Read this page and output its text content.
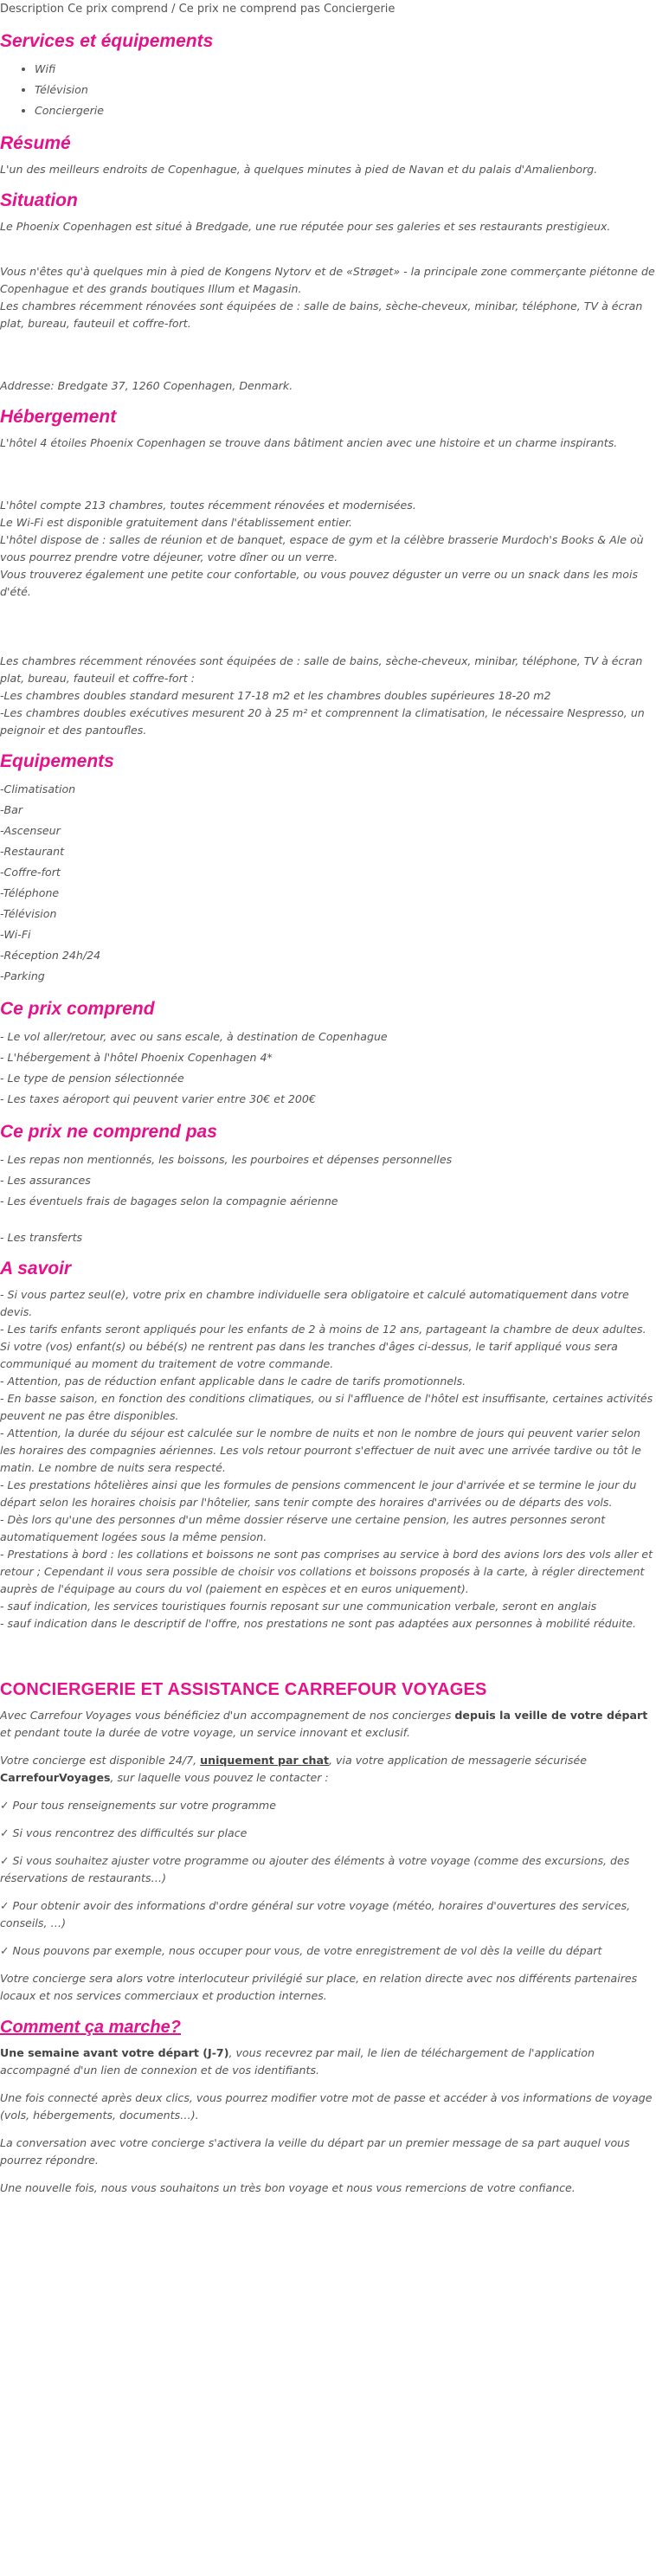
Description Ce prix comprend / Ce prix ne comprend pas Conciergerie
Services et équipements
• Wifi
• Télévision
• Conciergerie
Résumé

L'un des meilleurs endroits de Copenhague, à quelques minutes à pied de Navan et du palais d'Amalienborg.

Situation

Le Phoenix Copenhagen est situé à Bredgade, une rue réputée pour ses galeries et ses restaurants prestigieux.

Vous n'êtes qu'à quelques min à pied de Kongens Nytorv et de «Strøget» - la principale zone commerçante piétonne de Copenhague et des grands boutiques Illum et Magasin.

Les chambres récemment rénovées sont équipées de : salle de bains, sèche-cheveux, minibar, téléphone, TV à écran plat, bureau, fauteuil et coffre-fort.

Addresse: Bredgate 37, 1260 Copenhagen, Denmark.

Hébergement

L'hôtel 4 étoiles Phoenix Copenhagen se trouve dans bâtiment ancien avec une histoire et un charme inspirants.

L'hôtel compte 213 chambres, toutes récemment rénovées et modernisées.
Le Wi-Fi est disponible gratuitement dans l'établissement entier.
L'hôtel dispose de : salles de réunion et de banquet, espace de gym et la célèbre brasserie Murdoch's Books & Ale où vous pourrez prendre votre déjeuner, votre dîner ou un verre.
Vous trouverez également une petite cour confortable, ou vous pouvez déguster un verre ou un snack dans les mois d'été.
Les chambres récemment rénovées sont équipées de : salle de bains, sèche-cheveux, minibar, téléphone, TV à écran plat, bureau, fauteuil et coffre-fort :
-Les chambres doubles standard mesurent 17-18 m2 et les chambres doubles supérieures 18-20 m2
-Les chambres doubles exécutives mesurent 20 à 25 m² et comprennent la climatisation, le nécessaire Nespresso, un peignoir et des pantoufles.
Equipements
-Climatisation
-Bar
-Ascenseur
-Restaurant
-Coffre-fort
-Téléphone
-Télévision
-Wi-Fi
-Réception 24h/24
-Parking
Ce prix comprend
- Le vol aller/retour, avec ou sans escale, à destination de Copenhague
- L'hébergement à l'hôtel Phoenix Copenhagen 4*
- Le type de pension sélectionnée
- Les taxes aéroport qui peuvent varier entre 30€ et 200€
Ce prix ne comprend pas
- Les repas non mentionnés, les boissons, les pourboires et dépenses personnelles
- Les assurances
- Les éventuels frais de bagages selon la compagnie aérienne

- Les transferts

A savoir
- Si vous partez seul(e), votre prix en chambre individuelle sera obligatoire et calculé automatiquement dans votre devis.
- Les tarifs enfants seront appliqués pour les enfants de 2 à moins de 12 ans, partageant la chambre de deux adultes. Si votre (vos) enfant(s) ou bébé(s) ne rentrent pas dans les tranches d'âges ci-dessus, le tarif appliqué vous sera communiqué au moment du traitement de votre commande.
- Attention, pas de réduction enfant applicable dans le cadre de tarifs promotionnels.
- En basse saison, en fonction des conditions climatiques, ou si l'affluence de l'hôtel est insuffisante, certaines activités peuvent ne pas être disponibles.
- Attention, la durée du séjour est calculée sur le nombre de nuits et non le nombre de jours qui peuvent varier selon les horaires des compagnies aériennes. Les vols retour pourront s'effectuer de nuit avec une arrivée tardive ou tôt le matin. Le nombre de nuits sera respecté.
- Les prestations hôtelières ainsi que les formules de pensions commencent le jour d'arrivée et se termine le jour du départ selon les horaires choisis par l'hôtelier, sans tenir compte des horaires d'arrivées ou de départs des vols.
- Dès lors qu'une des personnes d'un même dossier réserve une certaine pension, les autres personnes seront automatiquement logées sous la même pension.
- Prestations à bord : les collations et boissons ne sont pas comprises au service à bord des avions lors des vols aller et retour ; Cependant il vous sera possible de choisir vos collations et boissons proposés à la carte, à régler directement auprès de l'équipage au cours du vol (paiement en espèces et en euros uniquement).
- sauf indication, les services touristiques fournis reposant sur une communication verbale, seront en anglais
- sauf indication dans le descriptif de l'offre, nos prestations ne sont pas adaptées aux personnes à mobilité réduite.
CONCIERGERIE ET ASSISTANCE CARREFOUR VOYAGES

Avec Carrefour Voyages vous bénéficiez d'un accompagnement de nos concierges depuis la veille de votre départ et pendant toute la durée de votre voyage, un service innovant et exclusif.

Votre concierge est disponible 24/7, uniquement par chat, via votre application de messagerie sécurisée CarrefourVoyages, sur laquelle vous pouvez le contacter :

✓ Pour tous renseignements sur votre programme

✓ Si vous rencontrez des difficultés sur place

✓ Si vous souhaitez ajuster votre programme ou ajouter des éléments à votre voyage (comme des excursions, des réservations de restaurants…)

✓ Pour obtenir avoir des informations d'ordre général sur votre voyage (météo, horaires d'ouvertures des services, conseils, …)

✓ Nous pouvons par exemple, nous occuper pour vous, de votre enregistrement de vol dès la veille du départ

Votre concierge sera alors votre interlocuteur privilégié sur place, en relation directe avec nos différents partenaires locaux et nos services commerciaux et production internes.

Comment ça marche?

Une semaine avant votre départ (J-7), vous recevrez par mail, le lien de téléchargement de l'application accompagné d'un lien de connexion et de vos identifiants.

Une fois connecté après deux clics, vous pourrez modifier votre mot de passe et accéder à vos informations de voyage (vols, hébergements, documents…).

La conversation avec votre concierge s'activera la veille du départ par un premier message de sa part auquel vous pourrez répondre.

Une nouvelle fois, nous vous souhaitons un très bon voyage et nous vous remercions de votre confiance.
